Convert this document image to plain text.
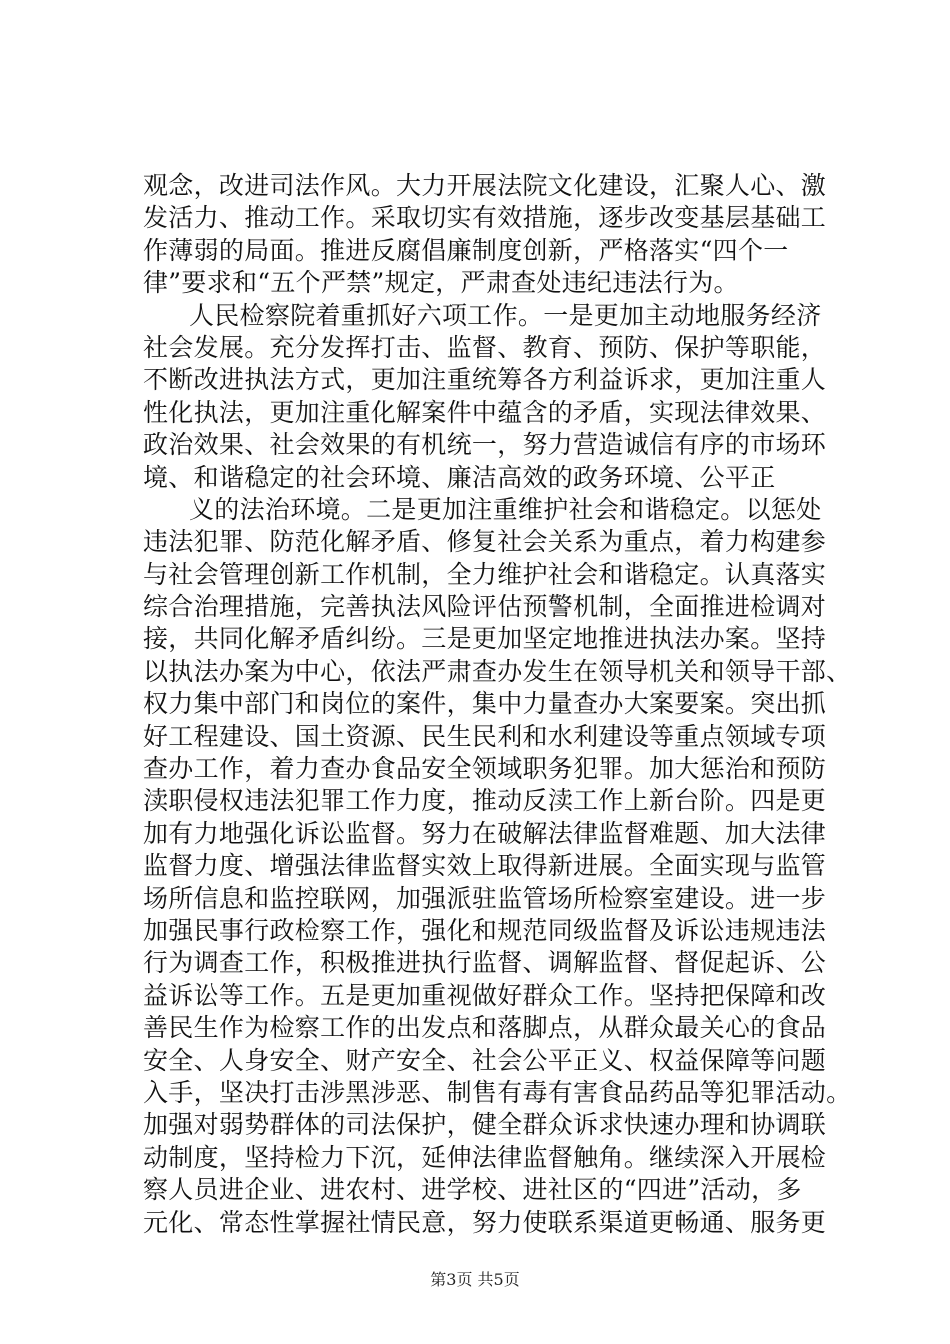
观念，改进司法作风。大力开展法院文化建设，汇聚人心、激
发活力、推动工作。采取切实有效措施，逐步改变基层基础工
作薄弱的局面。推进反腐倡廉制度创新，严格落实“四个一
律”要求和“五个严禁”规定，严肃查处违纪违法行为。
人民检察院着重抓好六项工作。一是更加主动地服务经济
社会发展。充分发挥打击、监督、教育、预防、保护等职能，
不断改进执法方式，更加注重统筹各方利益诉求，更加注重人
性化执法，更加注重化解案件中蕴含的矛盾，实现法律效果、
政治效果、社会效果的有机统一，努力营造诚信有序的市场环
境、和谐稳定的社会环境、廉洁高效的政务环境、公平正
义的法治环境。二是更加注重维护社会和谐稳定。以惩处
违法犯罪、防范化解矛盾、修复社会关系为重点，着力构建参
与社会管理创新工作机制，全力维护社会和谐稳定。认真落实
综合治理措施，完善执法风险评估预警机制，全面推进检调对
接，共同化解矛盾纠纷。三是更加坚定地推进执法办案。坚持
以执法办案为中心，依法严肃查办发生在领导机关和领导干部、
权力集中部门和岗位的案件，集中力量查办大案要案。突出抓
好工程建设、国土资源、民生民利和水利建设等重点领域专项
查办工作，着力查办食品安全领域职务犯罪。加大惩治和预防
渎职侵权违法犯罪工作力度，推动反渎工作上新台阶。四是更
加有力地强化诉讼监督。努力在破解法律监督难题、加大法律
监督力度、增强法律监督实效上取得新进展。全面实现与监管
场所信息和监控联网，加强派驻监管场所检察室建设。进一步
加强民事行政检察工作，强化和规范同级监督及诉讼违规违法
行为调查工作，积极推进执行监督、调解监督、督促起诉、公
益诉讼等工作。五是更加重视做好群众工作。坚持把保障和改
善民生作为检察工作的出发点和落脚点，从群众最关心的食品
安全、人身安全、财产安全、社会公平正义、权益保障等问题
入手，坚决打击涉黑涉恶、制售有毒有害食品药品等犯罪活动。
加强对弱势群体的司法保护，健全群众诉求快速办理和协调联
动制度，坚持检力下沉，延伸法律监督触角。继续深入开展检
察人员进企业、进农村、进学校、进社区的“四进”活动，多
元化、常态性掌握社情民意，努力使联系渠道更畅通、服务更
第3页 共5页
